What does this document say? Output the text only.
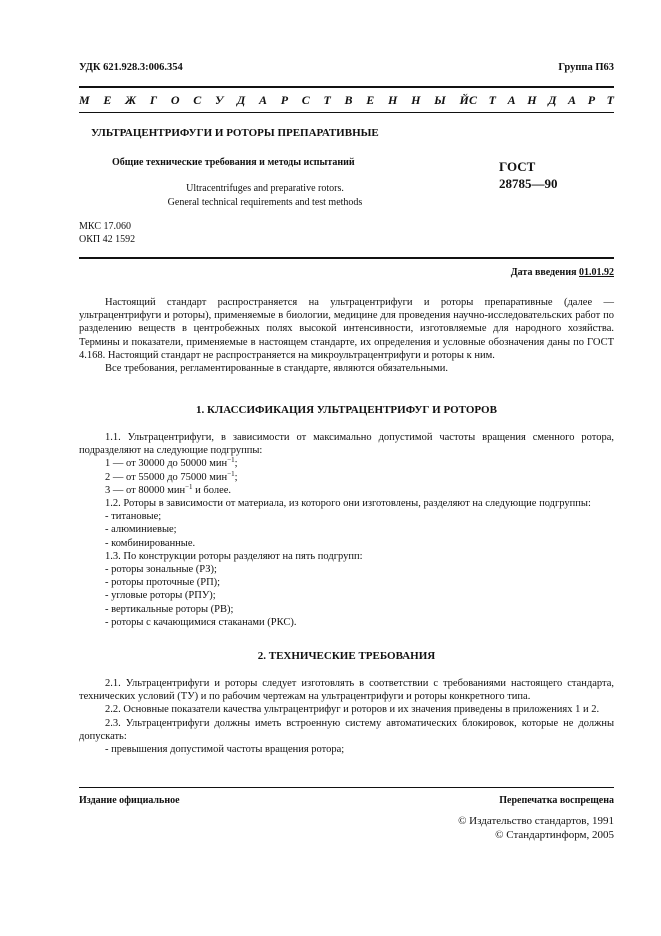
УДК 621.928.3:006.354	Группа П63
М Е Ж Г О С У Д А Р С Т В Е Н Н Ы Й С Т А Н Д А Р Т
УЛЬТРАЦЕНТРИФУГИ И РОТОРЫ ПРЕПАРАТИВНЫЕ
Общие технические требования и методы испытаний	ГОСТ
28785—90
Ultracentrifuges and preparative rotors.
General technical requirements and test methods
МКС 17.060
ОКП 42 1592
Дата введения 01.01.92

Настоящий стандарт распространяется на ультрацентрифуги и роторы препаративные (далее — ультрацентрифуги и роторы), применяемые в биологии, медицине для проведения научно-исследовательских работ по разделению веществ в центробежных полях высокой интенсивности, изготовляемые для народного хозяйства. Термины и показатели, применяемые в настоящем стандарте, их определения и условные обозначения даны по ГОСТ 4.168. Настоящий стандарт не распространяется на микроультрацентрифуги и роторы к ним.

Все требования, регламентированные в стандарте, являются обязательными.

1. КЛАССИФИКАЦИЯ УЛЬТРАЦЕНТРИФУГ И РОТОРОВ

1.1. Ультрацентрифуги, в зависимости от максимально допустимой частоты вращения сменного ротора, подразделяют на следующие подгруппы:

1 — от 30000 до 50000 мин$^{-1}$;

2 — от 55000 до 75000 мин$^{-1}$;

3 — от 80000 мин$^{-1}$ и более.

1.2. Роторы в зависимости от материала, из которого они изготовлены, разделяют на следующие подгруппы:

- титановые;

- алюминиевые;

- комбинированные.

1.3. По конструкции роторы разделяют на пять подгрупп:

- роторы зональные (РЗ);

- роторы проточные (РП);

- угловые роторы (РПУ);

- вертикальные роторы (РВ);

- роторы с качающимися стаканами (РКС).

2. ТЕХНИЧЕСКИЕ ТРЕБОВАНИЯ

2.1. Ультрацентрифуги и роторы следует изготовлять в соответствии с требованиями настоящего стандарта, технических условий (ТУ) и по рабочим чертежам на ультрацентрифуги и роторы конкретного типа.

2.2. Основные показатели качества ультрацентрифуг и роторов и их значения приведены в приложениях 1 и 2.

2.3. Ультрацентрифуги должны иметь встроенную систему автоматических блокировок, которые не должны допускать:

- превышения допустимой частоты вращения ротора;

Издание официальное	Перепечатка воспрещена
© Издательство стандартов, 1991
© Стандартинформ, 2005
